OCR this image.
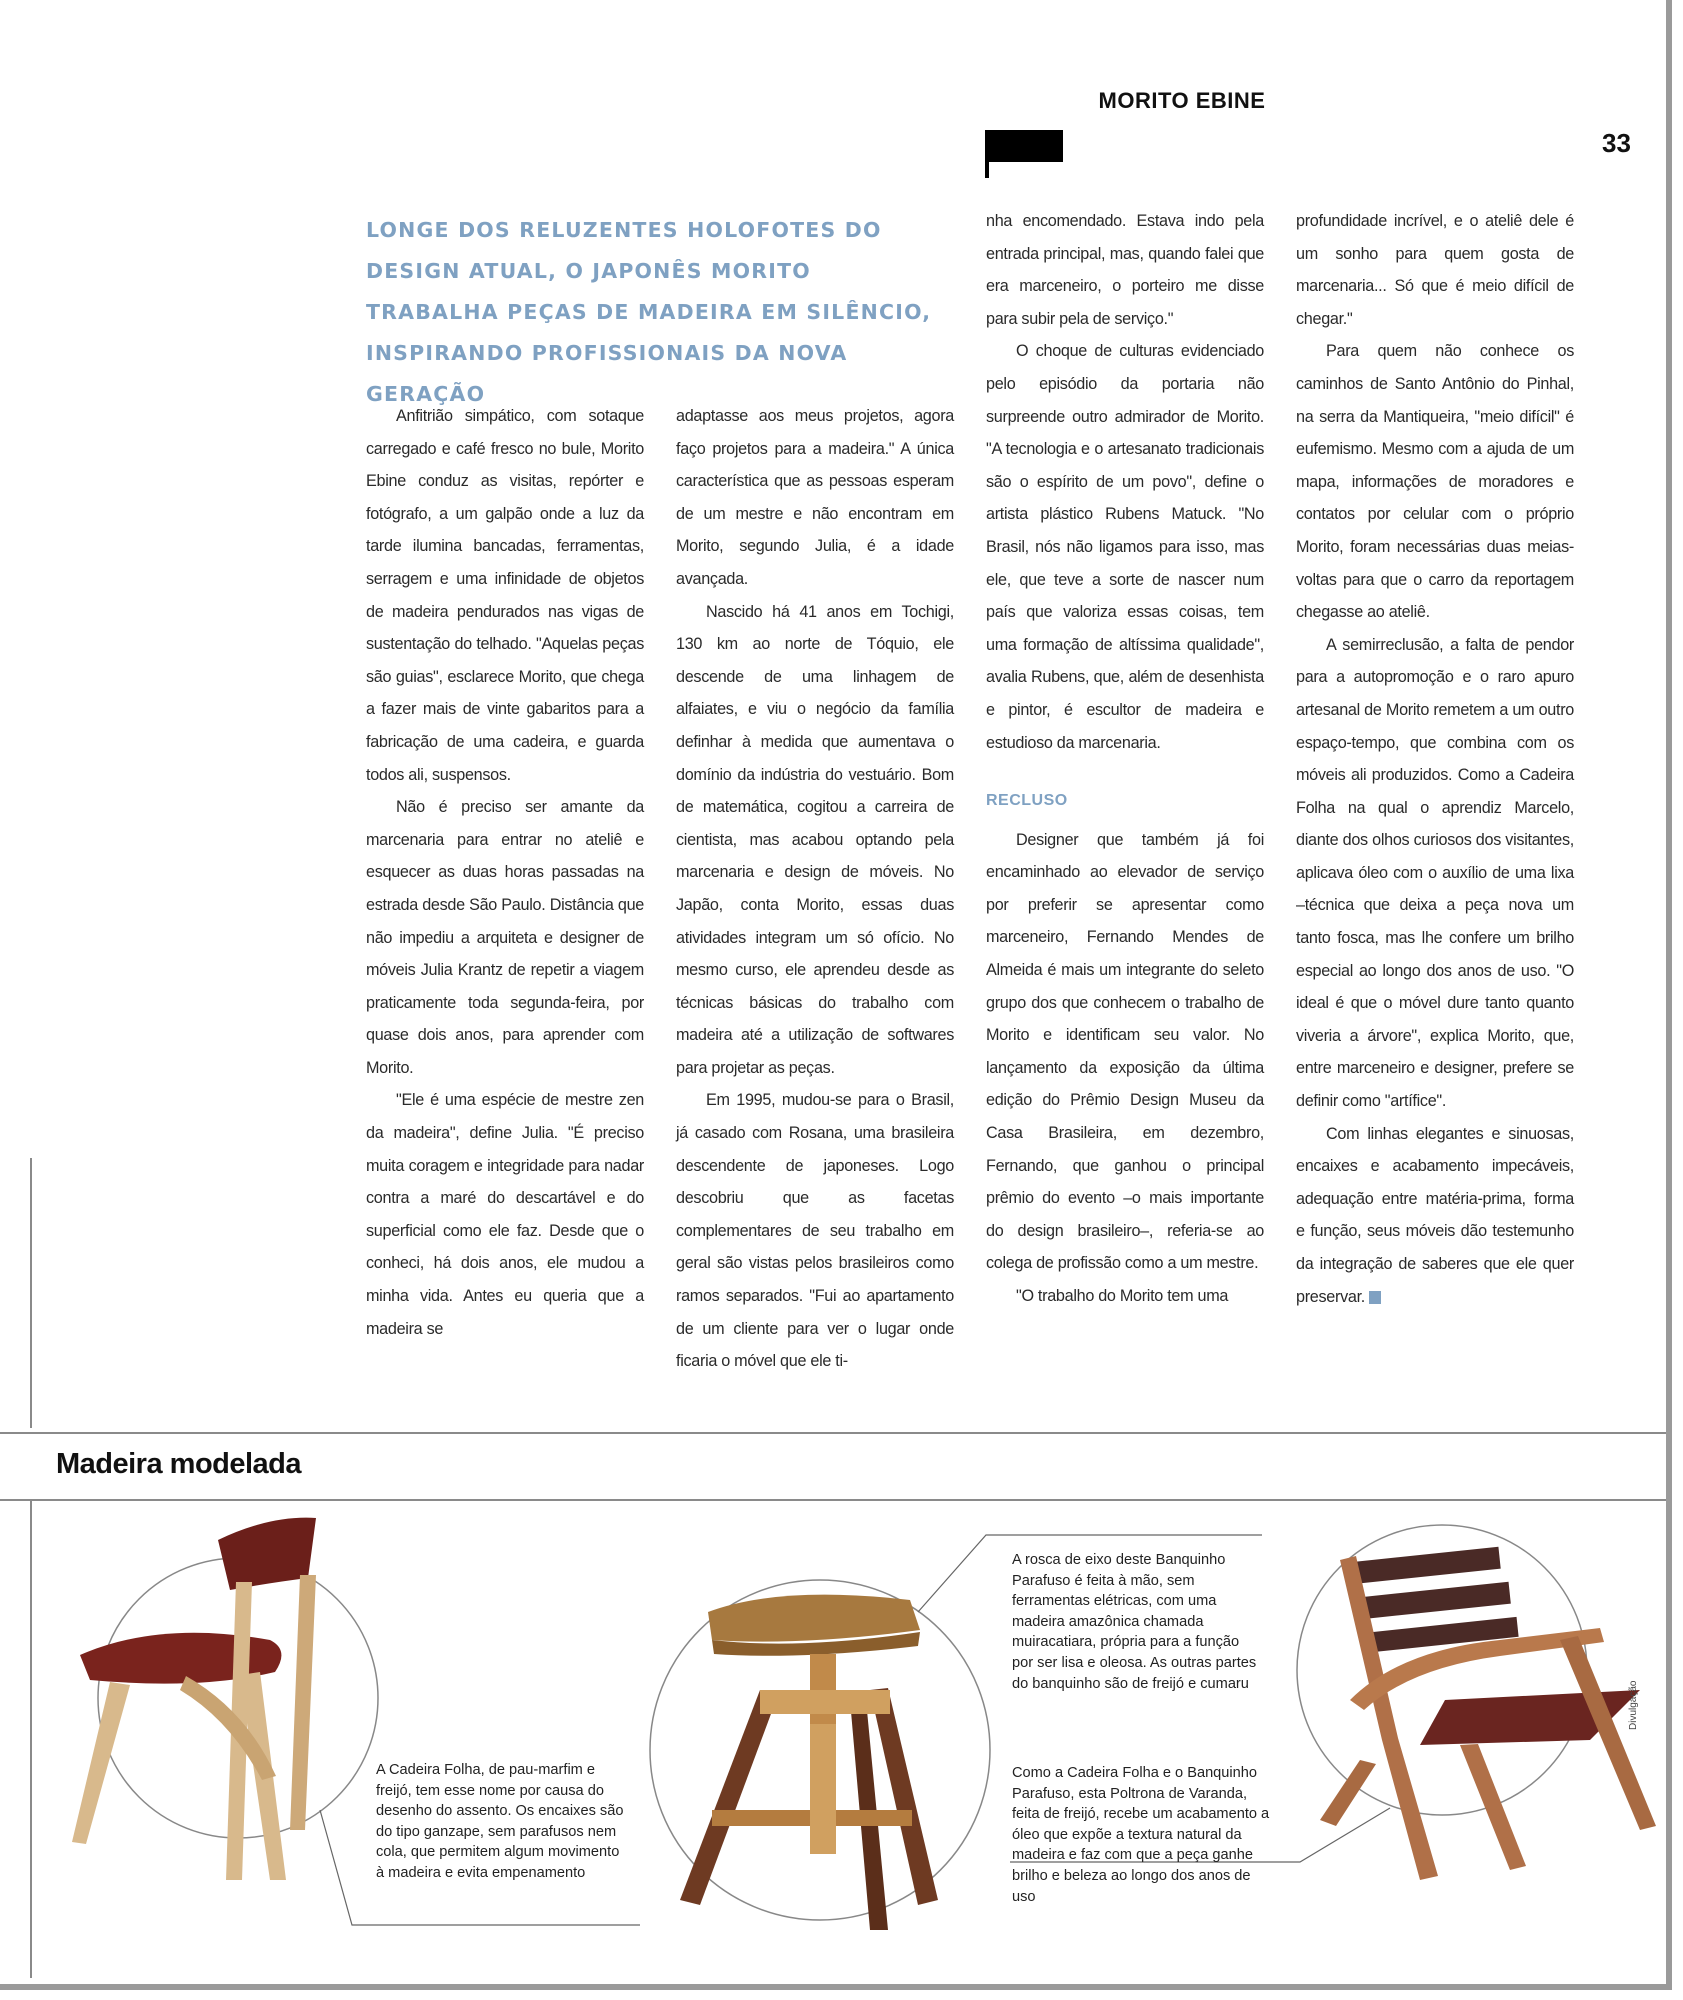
MORITO EBINE
33
LONGE DOS RELUZENTES HOLOFOTES DO DESIGN ATUAL, O JAPONÊS MORITO TRABALHA PEÇAS DE MADEIRA EM SILÊNCIO, INSPIRANDO PROFISSIONAIS DA NOVA GERAÇÃO

Anfitrião simpático, com sotaque carregado e café fresco no bule, Morito Ebine conduz as visitas, repórter e fotógrafo, a um galpão onde a luz da tarde ilumina bancadas, ferramentas, serragem e uma infinidade de objetos de madeira pendurados nas vigas de sustentação do telhado. "Aquelas peças são guias", esclarece Morito, que chega a fazer mais de vinte gabaritos para a fabricação de uma cadeira, e guarda todos ali, suspensos.

Não é preciso ser amante da marcenaria para entrar no ateliê e esquecer as duas horas passadas na estrada desde São Paulo. Distância que não impediu a arquiteta e designer de móveis Julia Krantz de repetir a viagem praticamente toda segunda-feira, por quase dois anos, para aprender com Morito.

"Ele é uma espécie de mestre zen da madeira", define Julia. "É preciso muita coragem e integridade para nadar contra a maré do descartável e do superficial como ele faz. Desde que o conheci, há dois anos, ele mudou a minha vida. Antes eu queria que a madeira se

adaptasse aos meus projetos, agora faço projetos para a madeira." A única característica que as pessoas esperam de um mestre e não encontram em Morito, segundo Julia, é a idade avançada.

Nascido há 41 anos em Tochigi, 130 km ao norte de Tóquio, ele descende de uma linhagem de alfaiates, e viu o negócio da família definhar à medida que aumentava o domínio da indústria do vestuário. Bom de matemática, cogitou a carreira de cientista, mas acabou optando pela marcenaria e design de móveis. No Japão, conta Morito, essas duas atividades integram um só ofício. No mesmo curso, ele aprendeu desde as técnicas básicas do trabalho com madeira até a utilização de softwares para projetar as peças.

Em 1995, mudou-se para o Brasil, já casado com Rosana, uma brasileira descendente de japoneses. Logo descobriu que as facetas complementares de seu trabalho em geral são vistas pelos brasileiros como ramos separados. "Fui ao apartamento de um cliente para ver o lugar onde ficaria o móvel que ele ti-

nha encomendado. Estava indo pela entrada principal, mas, quando falei que era marceneiro, o porteiro me disse para subir pela de serviço."

O choque de culturas evidenciado pelo episódio da portaria não surpreende outro admirador de Morito. "A tecnologia e o artesanato tradicionais são o espírito de um povo", define o artista plástico Rubens Matuck. "No Brasil, nós não ligamos para isso, mas ele, que teve a sorte de nascer num país que valoriza essas coisas, tem uma formação de altíssima qualidade", avalia Rubens, que, além de desenhista e pintor, é escultor de madeira e estudioso da marcenaria.

RECLUSO

Designer que também já foi encaminhado ao elevador de serviço por preferir se apresentar como marceneiro, Fernando Mendes de Almeida é mais um integrante do seleto grupo dos que conhecem o trabalho de Morito e identificam seu valor. No lançamento da exposição da última edição do Prêmio Design Museu da Casa Brasileira, em dezembro, Fernando, que ganhou o principal prêmio do evento –o mais importante do design brasileiro–, referia-se ao colega de profissão como a um mestre.

"O trabalho do Morito tem uma

profundidade incrível, e o ateliê dele é um sonho para quem gosta de marcenaria... Só que é meio difícil de chegar."

Para quem não conhece os caminhos de Santo Antônio do Pinhal, na serra da Mantiqueira, "meio difícil" é eufemismo. Mesmo com a ajuda de um mapa, informações de moradores e contatos por celular com o próprio Morito, foram necessárias duas meias-voltas para que o carro da reportagem chegasse ao ateliê.

A semirreclusão, a falta de pendor para a autopromoção e o raro apuro artesanal de Morito remetem a um outro espaço-tempo, que combina com os móveis ali produzidos. Como a Cadeira Folha na qual o aprendiz Marcelo, diante dos olhos curiosos dos visitantes, aplicava óleo com o auxílio de uma lixa –técnica que deixa a peça nova um tanto fosca, mas lhe confere um brilho especial ao longo dos anos de uso. "O ideal é que o móvel dure tanto quanto viveria a árvore", explica Morito, que, entre marceneiro e designer, prefere se definir como "artífice".

Com linhas elegantes e sinuosas, encaixes e acabamento impecáveis, adequação entre matéria-prima, forma e função, seus móveis dão testemunho da integração de saberes que ele quer preservar.

Madeira modelada
A Cadeira Folha, de pau-marfim e freijó, tem esse nome por causa do desenho do assento. Os encaixes são do tipo ganzape, sem parafusos nem cola, que permitem algum movimento à madeira e evita empenamento
A rosca de eixo deste Banquinho Parafuso é feita à mão, sem ferramentas elétricas, com uma madeira amazônica chamada muiracatiara, própria para a função por ser lisa e oleosa. As outras partes do banquinho são de freijó e cumaru
Como a Cadeira Folha e o Banquinho Parafuso, esta Poltrona de Varanda, feita de freijó, recebe um acabamento a óleo que expõe a textura natural da madeira e faz com que a peça ganhe brilho e beleza ao longo dos anos de uso
Divulgação
